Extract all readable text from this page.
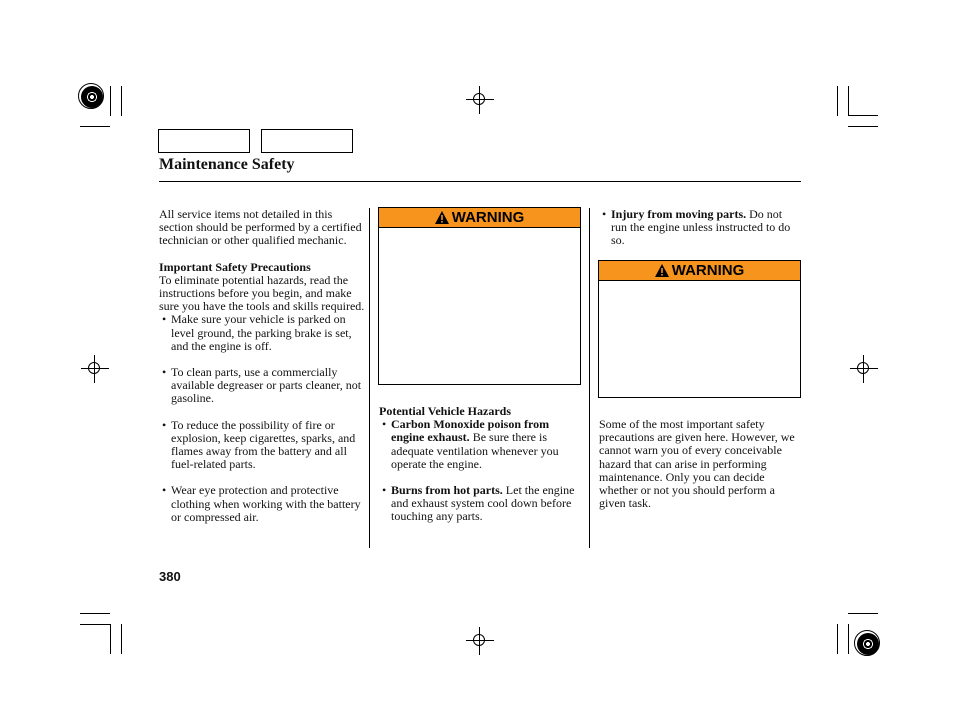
Maintenance Safety

All service items not detailed in this section should be performed by a certified technician or other qualified mechanic.

Important Safety Precautions

To eliminate potential hazards, read the instructions before you begin, and make sure you have the tools and skills required.

• Make sure your vehicle is parked on level ground, the parking brake is set, and the engine is off.

• To clean parts, use a commercially available degreaser or parts cleaner, not gasoline.

• To reduce the possibility of fire or explosion, keep cigarettes, sparks, and flames away from the battery and all fuel-related parts.

• Wear eye protection and protective clothing when working with the battery or compressed air.

WARNING

Potential Vehicle Hazards

• Carbon Monoxide poison from engine exhaust. Be sure there is adequate ventilation whenever you operate the engine.

• Burns from hot parts. Let the engine and exhaust system cool down before touching any parts.

• Injury from moving parts. Do not run the engine unless instructed to do so.

WARNING

Some of the most important safety precautions are given here. However, we cannot warn you of every conceivable hazard that can arise in performing maintenance. Only you can decide whether or not you should perform a given task.

380
